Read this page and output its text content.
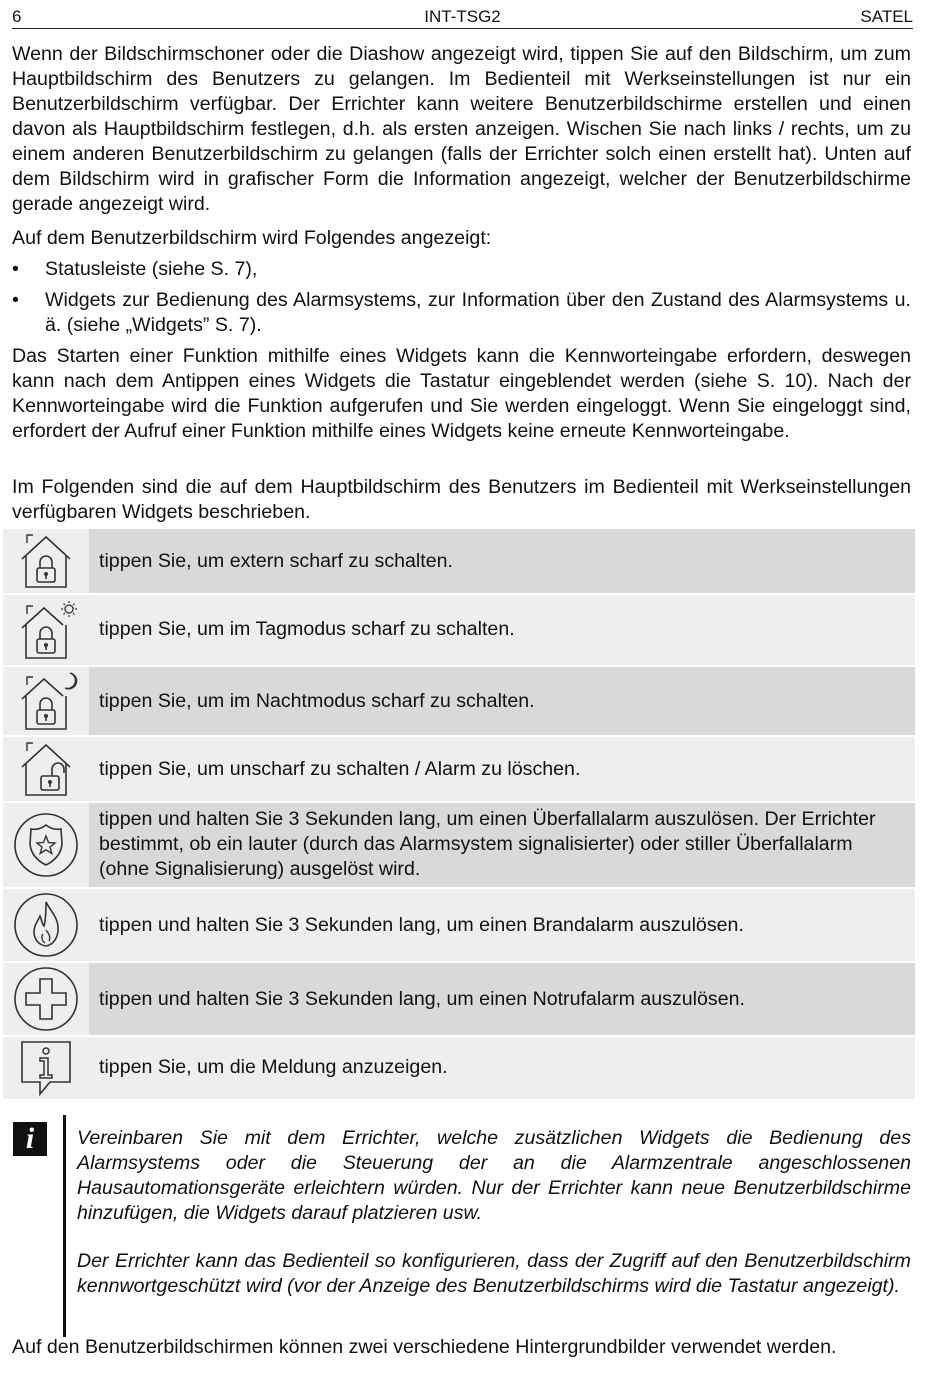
6	INT-TSG2	SATEL

Wenn der Bildschirmschoner oder die Diashow angezeigt wird, tippen Sie auf den Bildschirm, um zum Hauptbildschirm des Benutzers zu gelangen. Im Bedienteil mit Werkseinstellungen ist nur ein Benutzerbildschirm verfügbar. Der Errichter kann weitere Benutzerbildschirme erstellen und einen davon als Hauptbildschirm festlegen, d.h. als ersten anzeigen. Wischen Sie nach links / rechts, um zu einem anderen Benutzerbildschirm zu gelangen (falls der Errichter solch einen erstellt hat). Unten auf dem Bildschirm wird in grafischer Form die Information angezeigt, welcher der Benutzerbildschirme gerade angezeigt wird.

Auf dem Benutzerbildschirm wird Folgendes angezeigt:

• Statusleiste (siehe S. 7),
• Widgets zur Bedienung des Alarmsystems, zur Information über den Zustand des Alarmsystems u. ä. (siehe „Widgets” S. 7).

Das Starten einer Funktion mithilfe eines Widgets kann die Kennworteingabe erfordern, deswegen kann nach dem Antippen eines Widgets die Tastatur eingeblendet werden (siehe S. 10). Nach der Kennworteingabe wird die Funktion aufgerufen und Sie werden eingeloggt. Wenn Sie eingeloggt sind, erfordert der Aufruf einer Funktion mithilfe eines Widgets keine erneute Kennworteingabe.

Im Folgenden sind die auf dem Hauptbildschirm des Benutzers im Bedienteil mit Werkseinstellungen verfügbaren Widgets beschrieben.

tippen Sie, um extern scharf zu schalten.
tippen Sie, um im Tagmodus scharf zu schalten.
tippen Sie, um im Nachtmodus scharf zu schalten.
tippen Sie, um unscharf zu schalten / Alarm zu löschen.
tippen und halten Sie 3 Sekunden lang, um einen Überfallalarm auszulösen. Der Errichter bestimmt, ob ein lauter (durch das Alarmsystem signalisierter) oder stiller Überfallalarm (ohne Signalisierung) ausgelöst wird.
tippen und halten Sie 3 Sekunden lang, um einen Brandalarm auszulösen.
tippen und halten Sie 3 Sekunden lang, um einen Notrufalarm auszulösen.
tippen Sie, um die Meldung anzuzeigen.
i	Vereinbaren Sie mit dem Errichter, welche zusätzlichen Widgets die Bedienung des Alarmsystems oder die Steuerung der an die Alarmzentrale angeschlossenen Hausautomationsgeräte erleichtern würden. Nur der Errichter kann neue Benutzerbildschirme hinzufügen, die Widgets darauf platzieren usw.

Der Errichter kann das Bedienteil so konfigurieren, dass der Zugriff auf den Benutzerbildschirm kennwortgeschützt wird (vor der Anzeige des Benutzerbildschirms wird die Tastatur angezeigt).

Auf den Benutzerbildschirmen können zwei verschiedene Hintergrundbilder verwendet werden.
